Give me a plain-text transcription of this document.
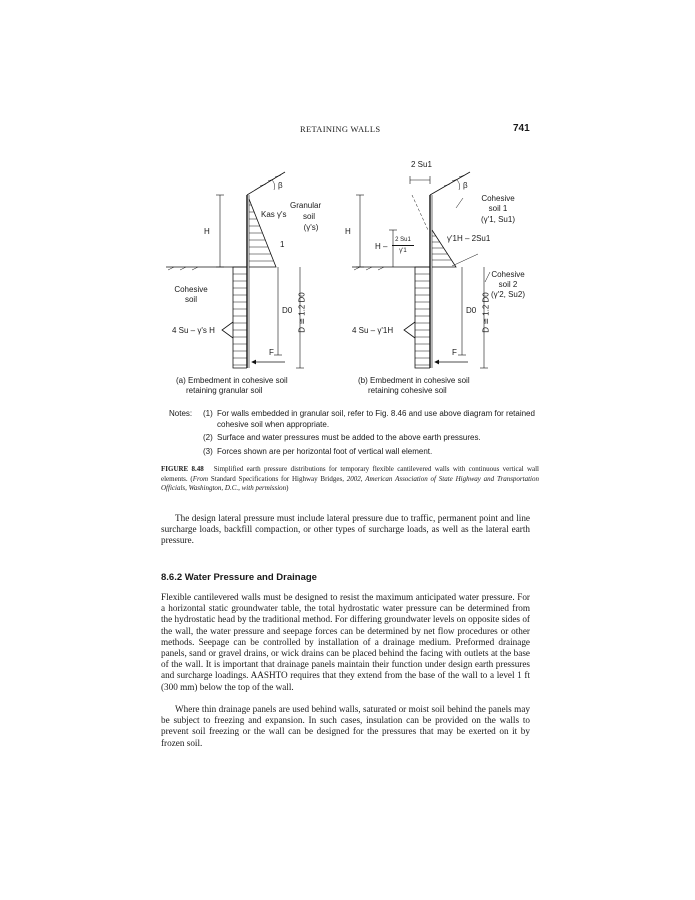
RETAINING WALLS	741
β
Granular
soil
(γ's)
Kas γ's
1
H
Cohesive
soil
4 Su – γ's H
D0 D ≅ 1.2 D0
F
2 Su1
β
Cohesive
soil 1
(γ'1, Su1)
H
H –
2 Su1
γ'1
γ'1H – 2Su1
Cohesive
soil 2
(γ'2, Su2)
D0 D ≅ 1.2 D0
F
4 Su – γ'1H
(a) Embedment in cohesive soil
retaining granular soil
(b) Embedment in cohesive soil
retaining cohesive soil
Notes: (1) For walls embedded in granular soil, refer to Fig. 8.46 and use above diagram for retained cohesive soil when appropriate.
(2) Surface and water pressures must be added to the above earth pressures.
(3) Forces shown are per horizontal foot of vertical wall element.
FIGURE 8.48 Simplified earth pressure distributions for temporary flexible cantilevered walls with continuous vertical wall elements. (From Standard Specifications for Highway Bridges, 2002, American Association of State Highway and Transportation Officials, Washington, D.C., with permission)

The design lateral pressure must include lateral pressure due to traffic, permanent point and line surcharge loads, backfill compaction, or other types of surcharge loads, as well as the lateral earth pressure.

8.6.2 Water Pressure and Drainage

Flexible cantilevered walls must be designed to resist the maximum anticipated water pressure. For a horizontal static groundwater table, the total hydrostatic water pressure can be determined from the hydrostatic head by the traditional method. For differing groundwater levels on opposite sides of the wall, the water pressure and seepage forces can be determined by net flow procedures or other methods. Seepage can be controlled by installation of a drainage medium. Preformed drainage panels, sand or gravel drains, or wick drains can be placed behind the facing with outlets at the base of the wall. It is important that drainage panels maintain their function under design earth pressures and surcharge loadings. AASHTO requires that they extend from the base of the wall to a level 1 ft (300 mm) below the top of the wall.

Where thin drainage panels are used behind walls, saturated or moist soil behind the panels may be subject to freezing and expansion. In such cases, insulation can be provided on the walls to prevent soil freezing or the wall can be designed for the pressures that may be exerted on it by frozen soil.
